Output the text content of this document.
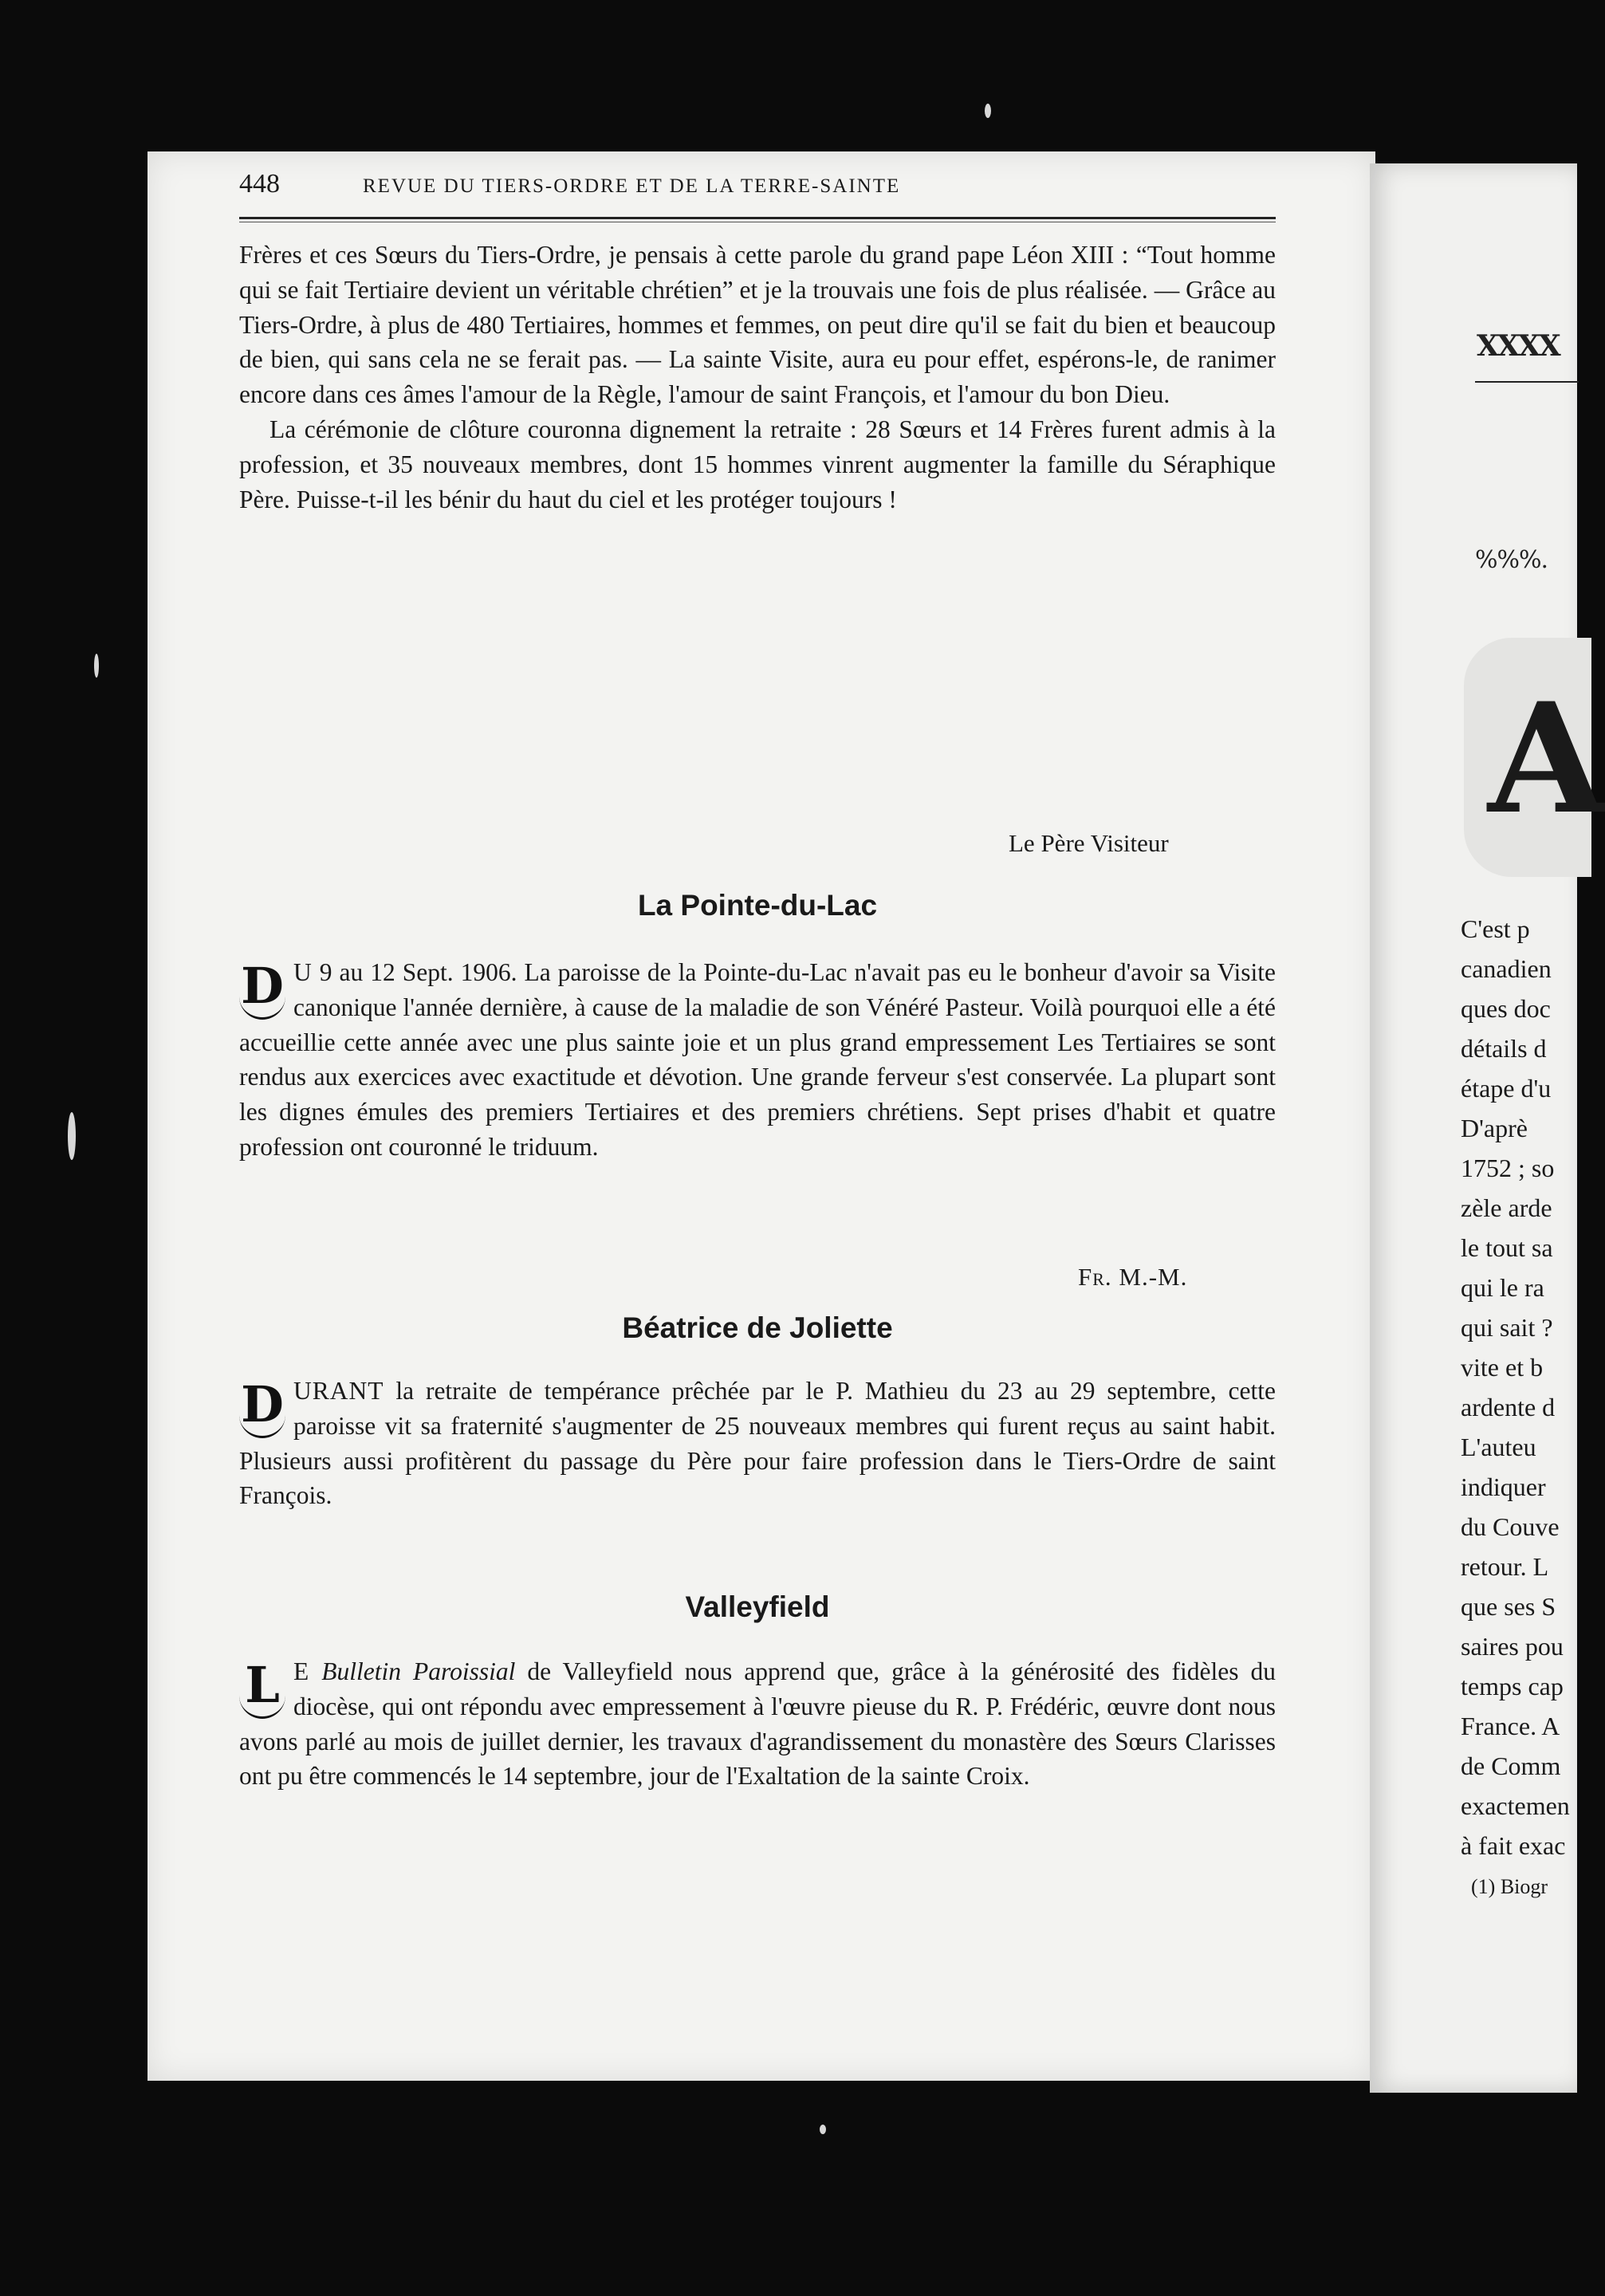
448	REVUE DU TIERS-ORDRE ET DE LA TERRE-SAINTE

Frères et ces Sœurs du Tiers-Ordre, je pensais à cette parole du grand pape Léon XIII : “Tout homme qui se fait Tertiaire devient un véritable chrétien” et je la trouvais une fois de plus réalisée. — Grâce au Tiers-Ordre, à plus de 480 Tertiaires, hommes et femmes, on peut dire qu'il se fait du bien et beaucoup de bien, qui sans cela ne se ferait pas. — La sainte Visite, aura eu pour effet, espérons-le, de ranimer encore dans ces âmes l'amour de la Règle, l'amour de saint François, et l'amour du bon Dieu.

La cérémonie de clôture couronna dignement la retraite : 28 Sœurs et 14 Frères furent admis à la profession, et 35 nouveaux membres, dont 15 hommes vinrent augmenter la famille du Séraphique Père. Puisse-t-il les bénir du haut du ciel et les protéger toujours !

Le Père Visiteur
La Pointe-du-Lac

D U 9 au 12 Sept. 1906. La paroisse de la Pointe-du-Lac n'avait pas eu le bonheur d'avoir sa Visite canonique l'année dernière, à cause de la maladie de son Vénéré Pasteur. Voilà pourquoi elle a été accueillie cette année avec une plus sainte joie et un plus grand empressement Les Tertiaires se sont rendus aux exercices avec exactitude et dévotion. Une grande ferveur s'est conservée. La plupart sont les dignes émules des premiers Tertiaires et des premiers chrétiens. Sept prises d'habit et quatre profession ont couronné le triduum.

Fr. M.-M.
Béatrice de Joliette

D URANT la retraite de tempérance prêchée par le P. Mathieu du 23 au 29 septembre, cette paroisse vit sa fraternité s'augmenter de 25 nouveaux membres qui furent reçus au saint habit. Plusieurs aussi profitèrent du passage du Père pour faire profession dans le Tiers-Ordre de saint François.

Valleyfield

L E Bulletin Paroissial de Valleyfield nous apprend que, grâce à la générosité des fidèles du diocèse, qui ont répondu avec empressement à l'œuvre pieuse du R. P. Frédéric, œuvre dont nous avons parlé au mois de juillet dernier, les travaux d'agrandissement du monastère des Sœurs Clarisses ont pu être commencés le 14 septembre, jour de l'Exaltation de la sainte Croix.

XXXX
%%%.
A
C'est p
canadien
ques doc
détails d
étape d'u
D'aprè
1752 ; so
zèle arde
le tout sa
qui le ra
qui sait ?
vite et b
ardente d
L'auteu
indiquer
du Couve
retour. L
que ses S
saires pou
temps cap
France. A
de Comm
exactemen
à fait exac
(1) Biogr
